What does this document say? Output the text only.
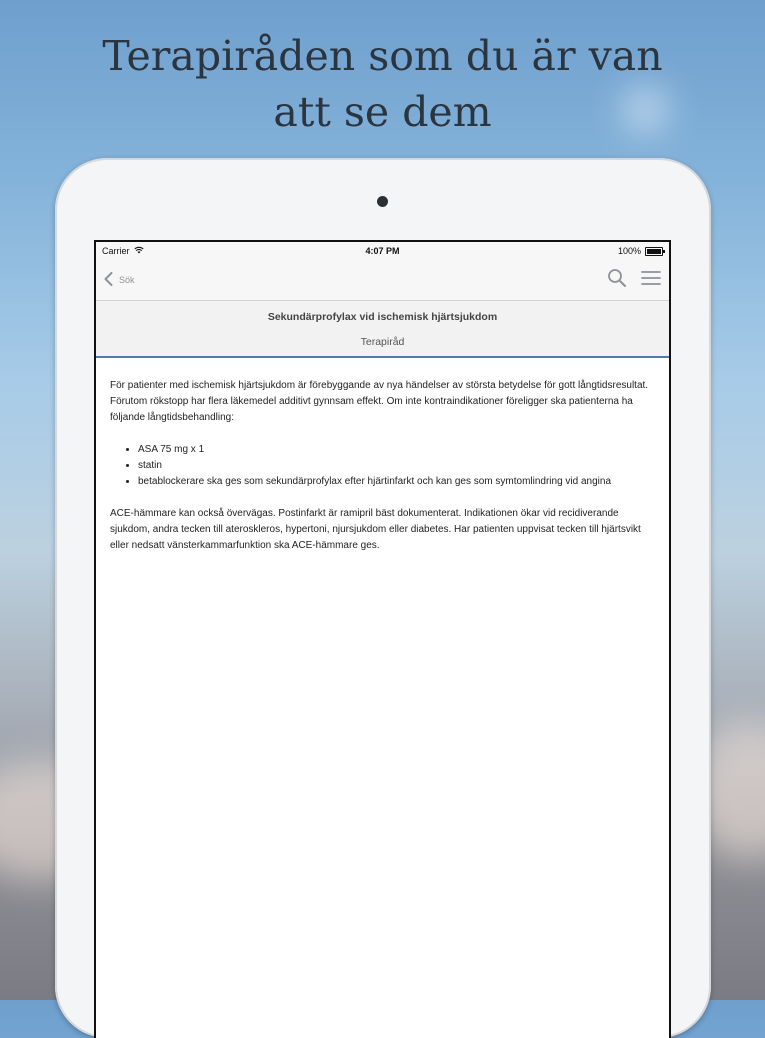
Terapiråden som du är van
att se dem
Carrier	4:07 PM	100%
Sök
Sekundärprofylax vid ischemisk hjärtsjukdom
Terapiråd

För patienter med ischemisk hjärtsjukdom är förebyggande av nya händelser av största betydelse för gott långtidsresultat. Förutom rökstopp har flera läkemedel additivt gynnsam effekt. Om inte kontraindikationer föreligger ska patienterna ha följande långtidsbehandling:

• ASA 75 mg x 1
• statin
• betablockerare ska ges som sekundärprofylax efter hjärtinfarkt och kan ges som symtomlindring vid angina

ACE-hämmare kan också övervägas. Postinfarkt är ramipril bäst dokumenterat. Indikationen ökar vid recidiverande sjukdom, andra tecken till ateroskleros, hypertoni, njursjukdom eller diabetes. Har patienten uppvisat tecken till hjärtsvikt eller nedsatt vänsterkammarfunktion ska ACE-hämmare ges.
